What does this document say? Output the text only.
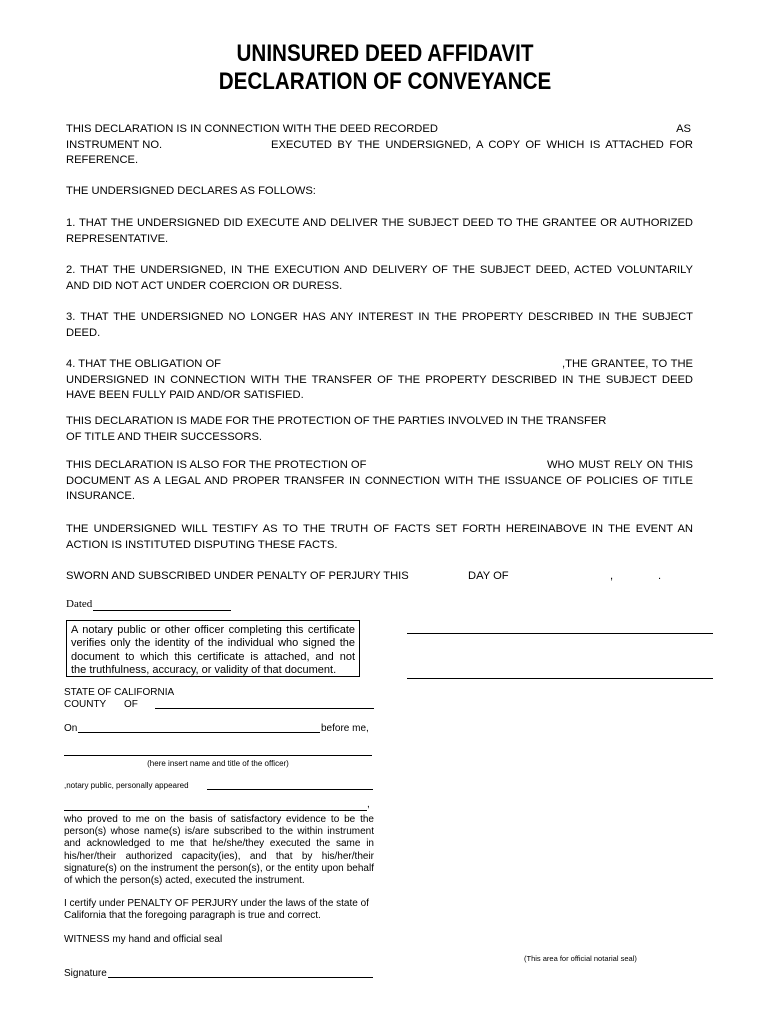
UNINSURED DEED AFFIDAVIT
DECLARATION OF CONVEYANCE
THIS DECLARATION IS IN CONNECTION WITH THE DEED RECORDED	AS
INSTRUMENT NO.	EXECUTED BY THE UNDERSIGNED, A COPY OF WHICH IS ATTACHED FOR
REFERENCE.
THE UNDERSIGNED DECLARES AS FOLLOWS:
1. THAT THE UNDERSIGNED DID EXECUTE AND DELIVER THE SUBJECT DEED TO THE GRANTEE OR AUTHORIZED
REPRESENTATIVE.
2. THAT THE UNDERSIGNED, IN THE EXECUTION AND DELIVERY OF THE SUBJECT DEED, ACTED VOLUNTARILY
AND DID NOT ACT UNDER COERCION OR DURESS.
3. THAT THE UNDERSIGNED NO LONGER HAS ANY INTEREST IN THE PROPERTY DESCRIBED IN THE SUBJECT
DEED.
4. THAT THE OBLIGATION OF	,THE GRANTEE, TO THE
UNDERSIGNED IN CONNECTION WITH THE TRANSFER OF THE PROPERTY DESCRIBED IN THE SUBJECT DEED
HAVE BEEN FULLY PAID AND/OR SATISFIED.
THIS DECLARATION IS MADE FOR THE PROTECTION OF THE PARTIES INVOLVED IN THE TRANSFER
OF TITLE AND THEIR SUCCESSORS.
THIS DECLARATION IS ALSO FOR THE PROTECTION OF	WHO MUST RELY ON THIS
DOCUMENT AS A LEGAL AND PROPER TRANSFER IN CONNECTION WITH THE ISSUANCE OF POLICIES OF TITLE
INSURANCE.
THE UNDERSIGNED WILL TESTIFY AS TO THE TRUTH OF FACTS SET FORTH HEREINABOVE IN THE EVENT AN
ACTION IS INSTITUTED DISPUTING THESE FACTS.
SWORN AND SUBSCRIBED UNDER PENALTY OF PERJURY THIS	DAY OF	,	.
Dated
A notary public or other officer completing this certificate
verifies only the identity of the individual who signed the
document to which this certificate is attached, and not
the truthfulness, accuracy, or validity of that document.
STATE OF CALIFORNIA
COUNTY OF
On	before me,
(here insert name and title of the officer)
,notary public, personally appeared
,
who proved to me on the basis of satisfactory evidence to be the
person(s) whose name(s) is/are subscribed to the within instrument
and acknowledged to me that he/she/they executed the same in
his/her/their authorized capacity(ies), and that by his/her/their
signature(s) on the instrument the person(s), or the entity upon behalf
of which the person(s) acted, executed the instrument.
I certify under PENALTY OF PERJURY under the laws of the state of
California that the foregoing paragraph is true and correct.
WITNESS my hand and official seal
(This area for official notarial seal)
Signature
